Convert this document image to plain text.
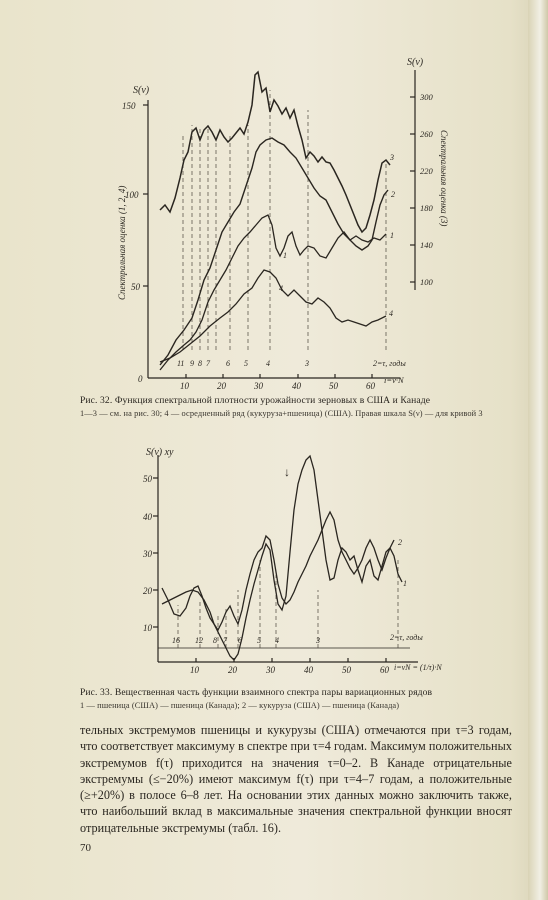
S(ν)
S(ν)
Спектральная оценка (1, 2, 4)
Спектральная оценка (3)
150
100
50
0
300
260
220
180
140
100
10	20	30	40	50	60
i=ν·N
11 9 8 7 6 5 4	3	2=τ, годы
1
1
2
3
4
4
S(ν) xy
↓
50
40
30
20
10
10	20	30	40	50	60 i=νN = (1/τ)·N
16 12 8 7 6 5 4	3	2=τ, годы
1
2
Рис. 32. Функция спектральной плотности урожайности зерновых в США и Канаде
1—3 — см. на рис. 30; 4 — осредненный ряд (кукуруза+пшеница) (США). Правая шкала S(ν) — для кривой 3
Рис. 33. Вещественная часть функции взаимного спектра пары вариационных рядов
1 — пшеница (США) — пшеница (Канада); 2 — кукуруза (США) — пшеница (Канада)
тельных экстремумов пшеницы и кукурузы (США) отмечаются при τ=3 годам, что соответствует максимуму в спектре при τ=4 годам. Максимум положительных экстремумов f(τ) приходится на значения τ=0–2. В Канаде отрицательные экстремумы (≤−20%) имеют максимум f(τ) при τ=4–7 годам, а положительные (≥+20%) в полосе 6–8 лет. На основании этих данных можно заключить также, что наибольший вклад в максимальные значения спектральной функции вносят отрицательные экстремумы (табл. 16).
70
